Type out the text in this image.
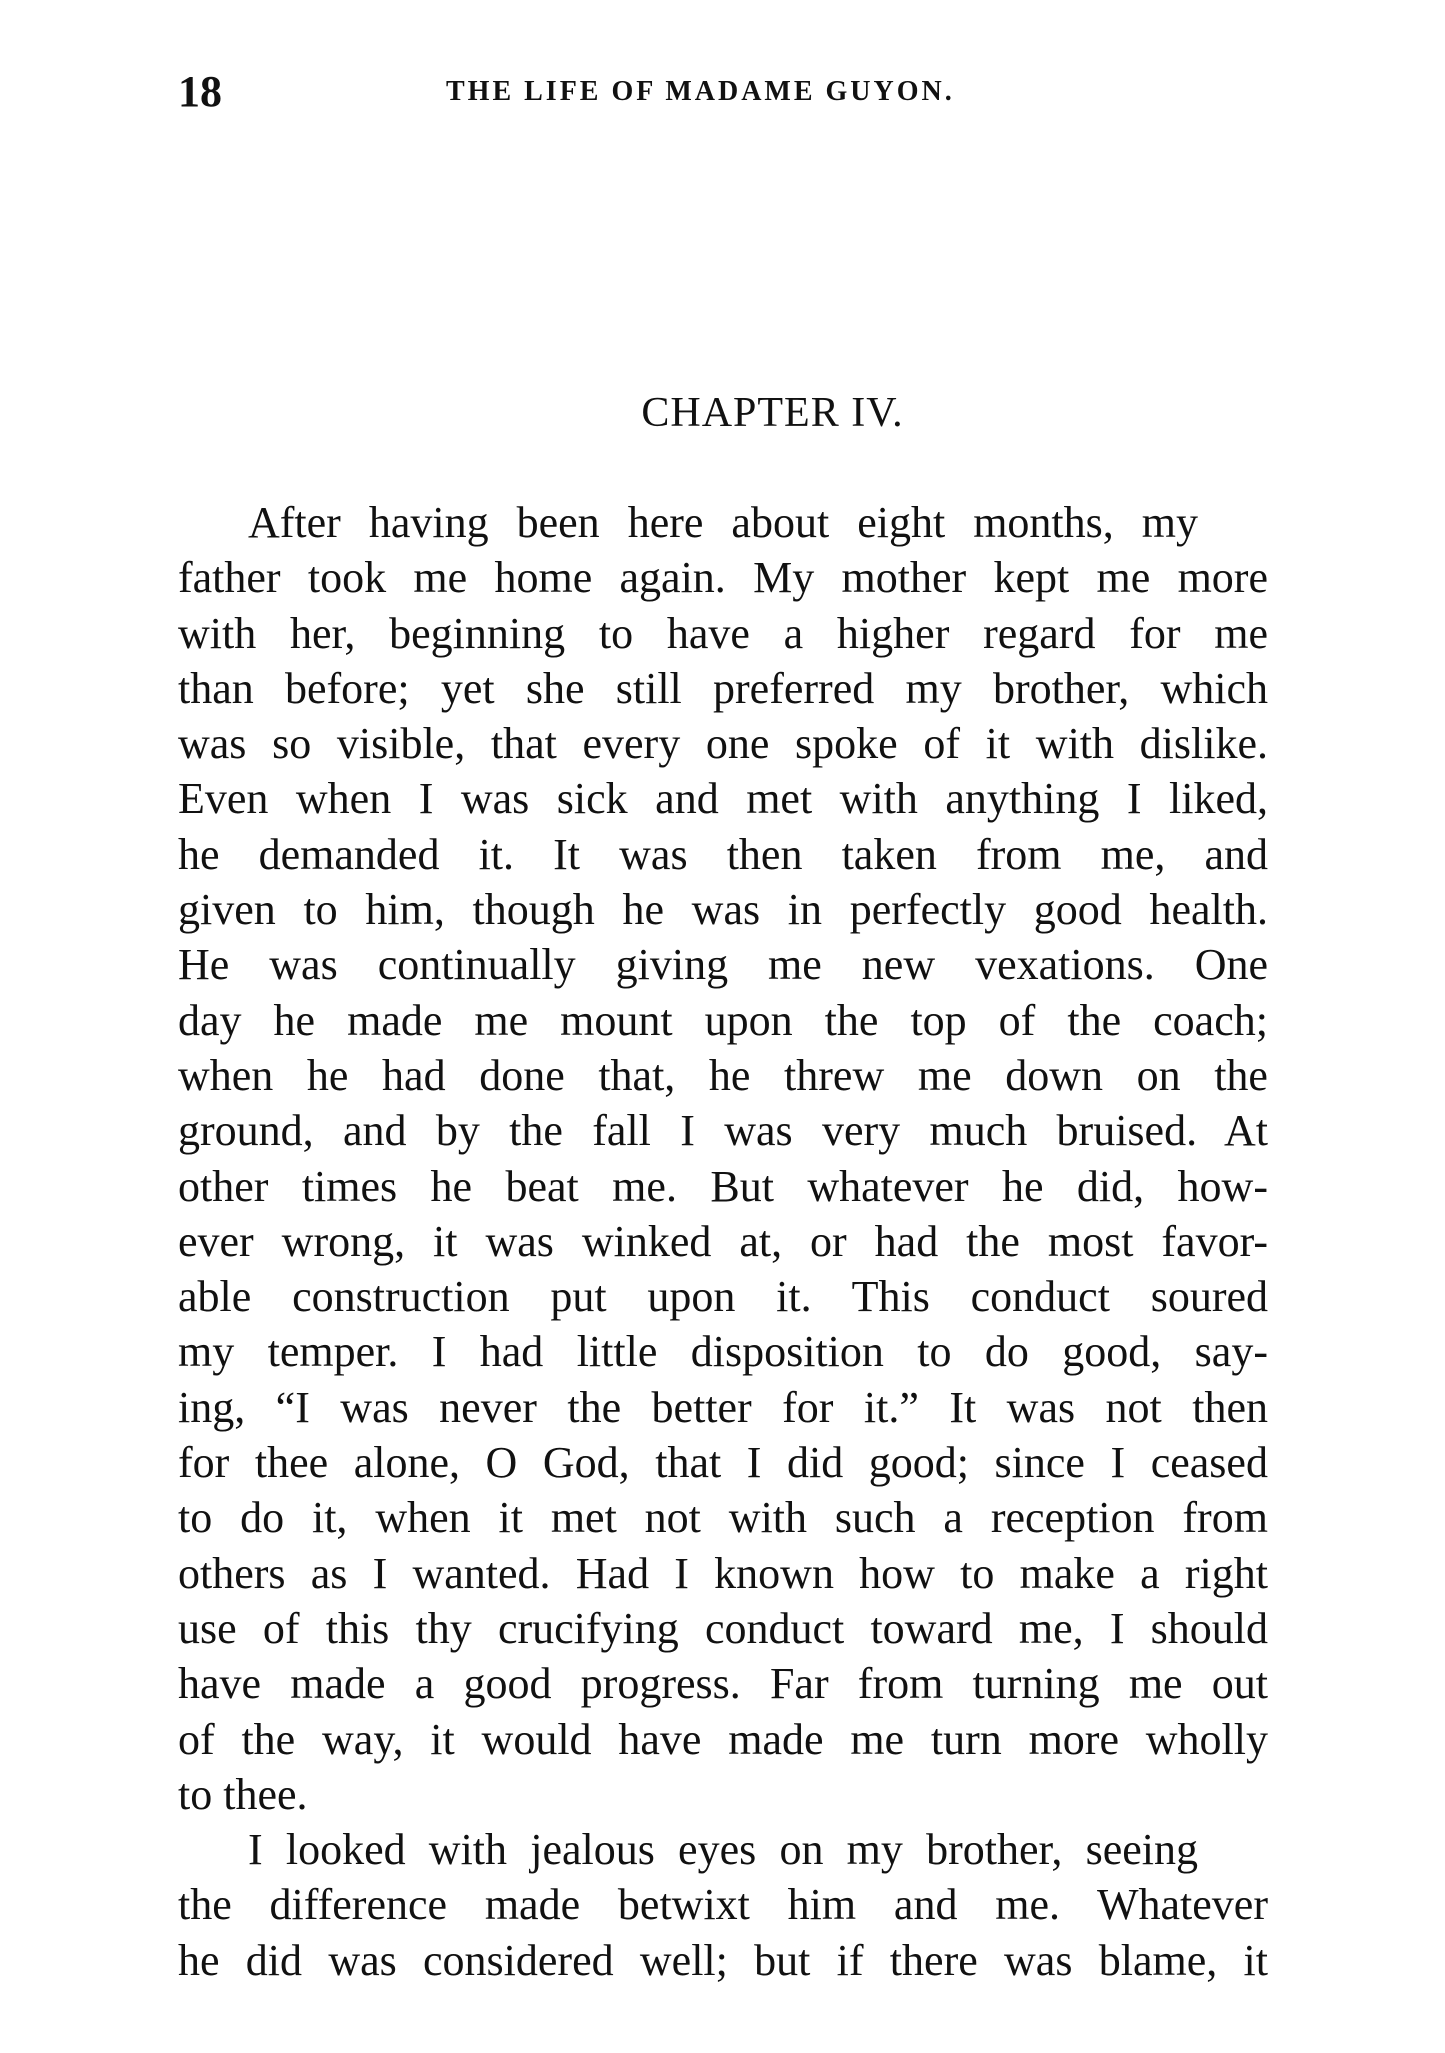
18	THE LIFE OF MADAME GUYON.
CHAPTER IV.

After having been here about eight months, my
father took me home again. My mother kept me more
with her, beginning to have a higher regard for me
than before; yet she still preferred my brother, which
was so visible, that every one spoke of it with dislike.
Even when I was sick and met with anything I liked,
he demanded it. It was then taken from me, and
given to him, though he was in perfectly good health.
He was continually giving me new vexations. One
day he made me mount upon the top of the coach;
when he had done that, he threw me down on the
ground, and by the fall I was very much bruised. At
other times he beat me. But whatever he did, how-
ever wrong, it was winked at, or had the most favor-
able construction put upon it. This conduct soured
my temper. I had little disposition to do good, say-
ing, “I was never the better for it.” It was not then
for thee alone, O God, that I did good; since I ceased
to do it, when it met not with such a reception from
others as I wanted. Had I known how to make a right
use of this thy crucifying conduct toward me, I should
have made a good progress. Far from turning me out
of the way, it would have made me turn more wholly
to thee.

I looked with jealous eyes on my brother, seeing
the difference made betwixt him and me. Whatever
he did was considered well; but if there was blame, it
